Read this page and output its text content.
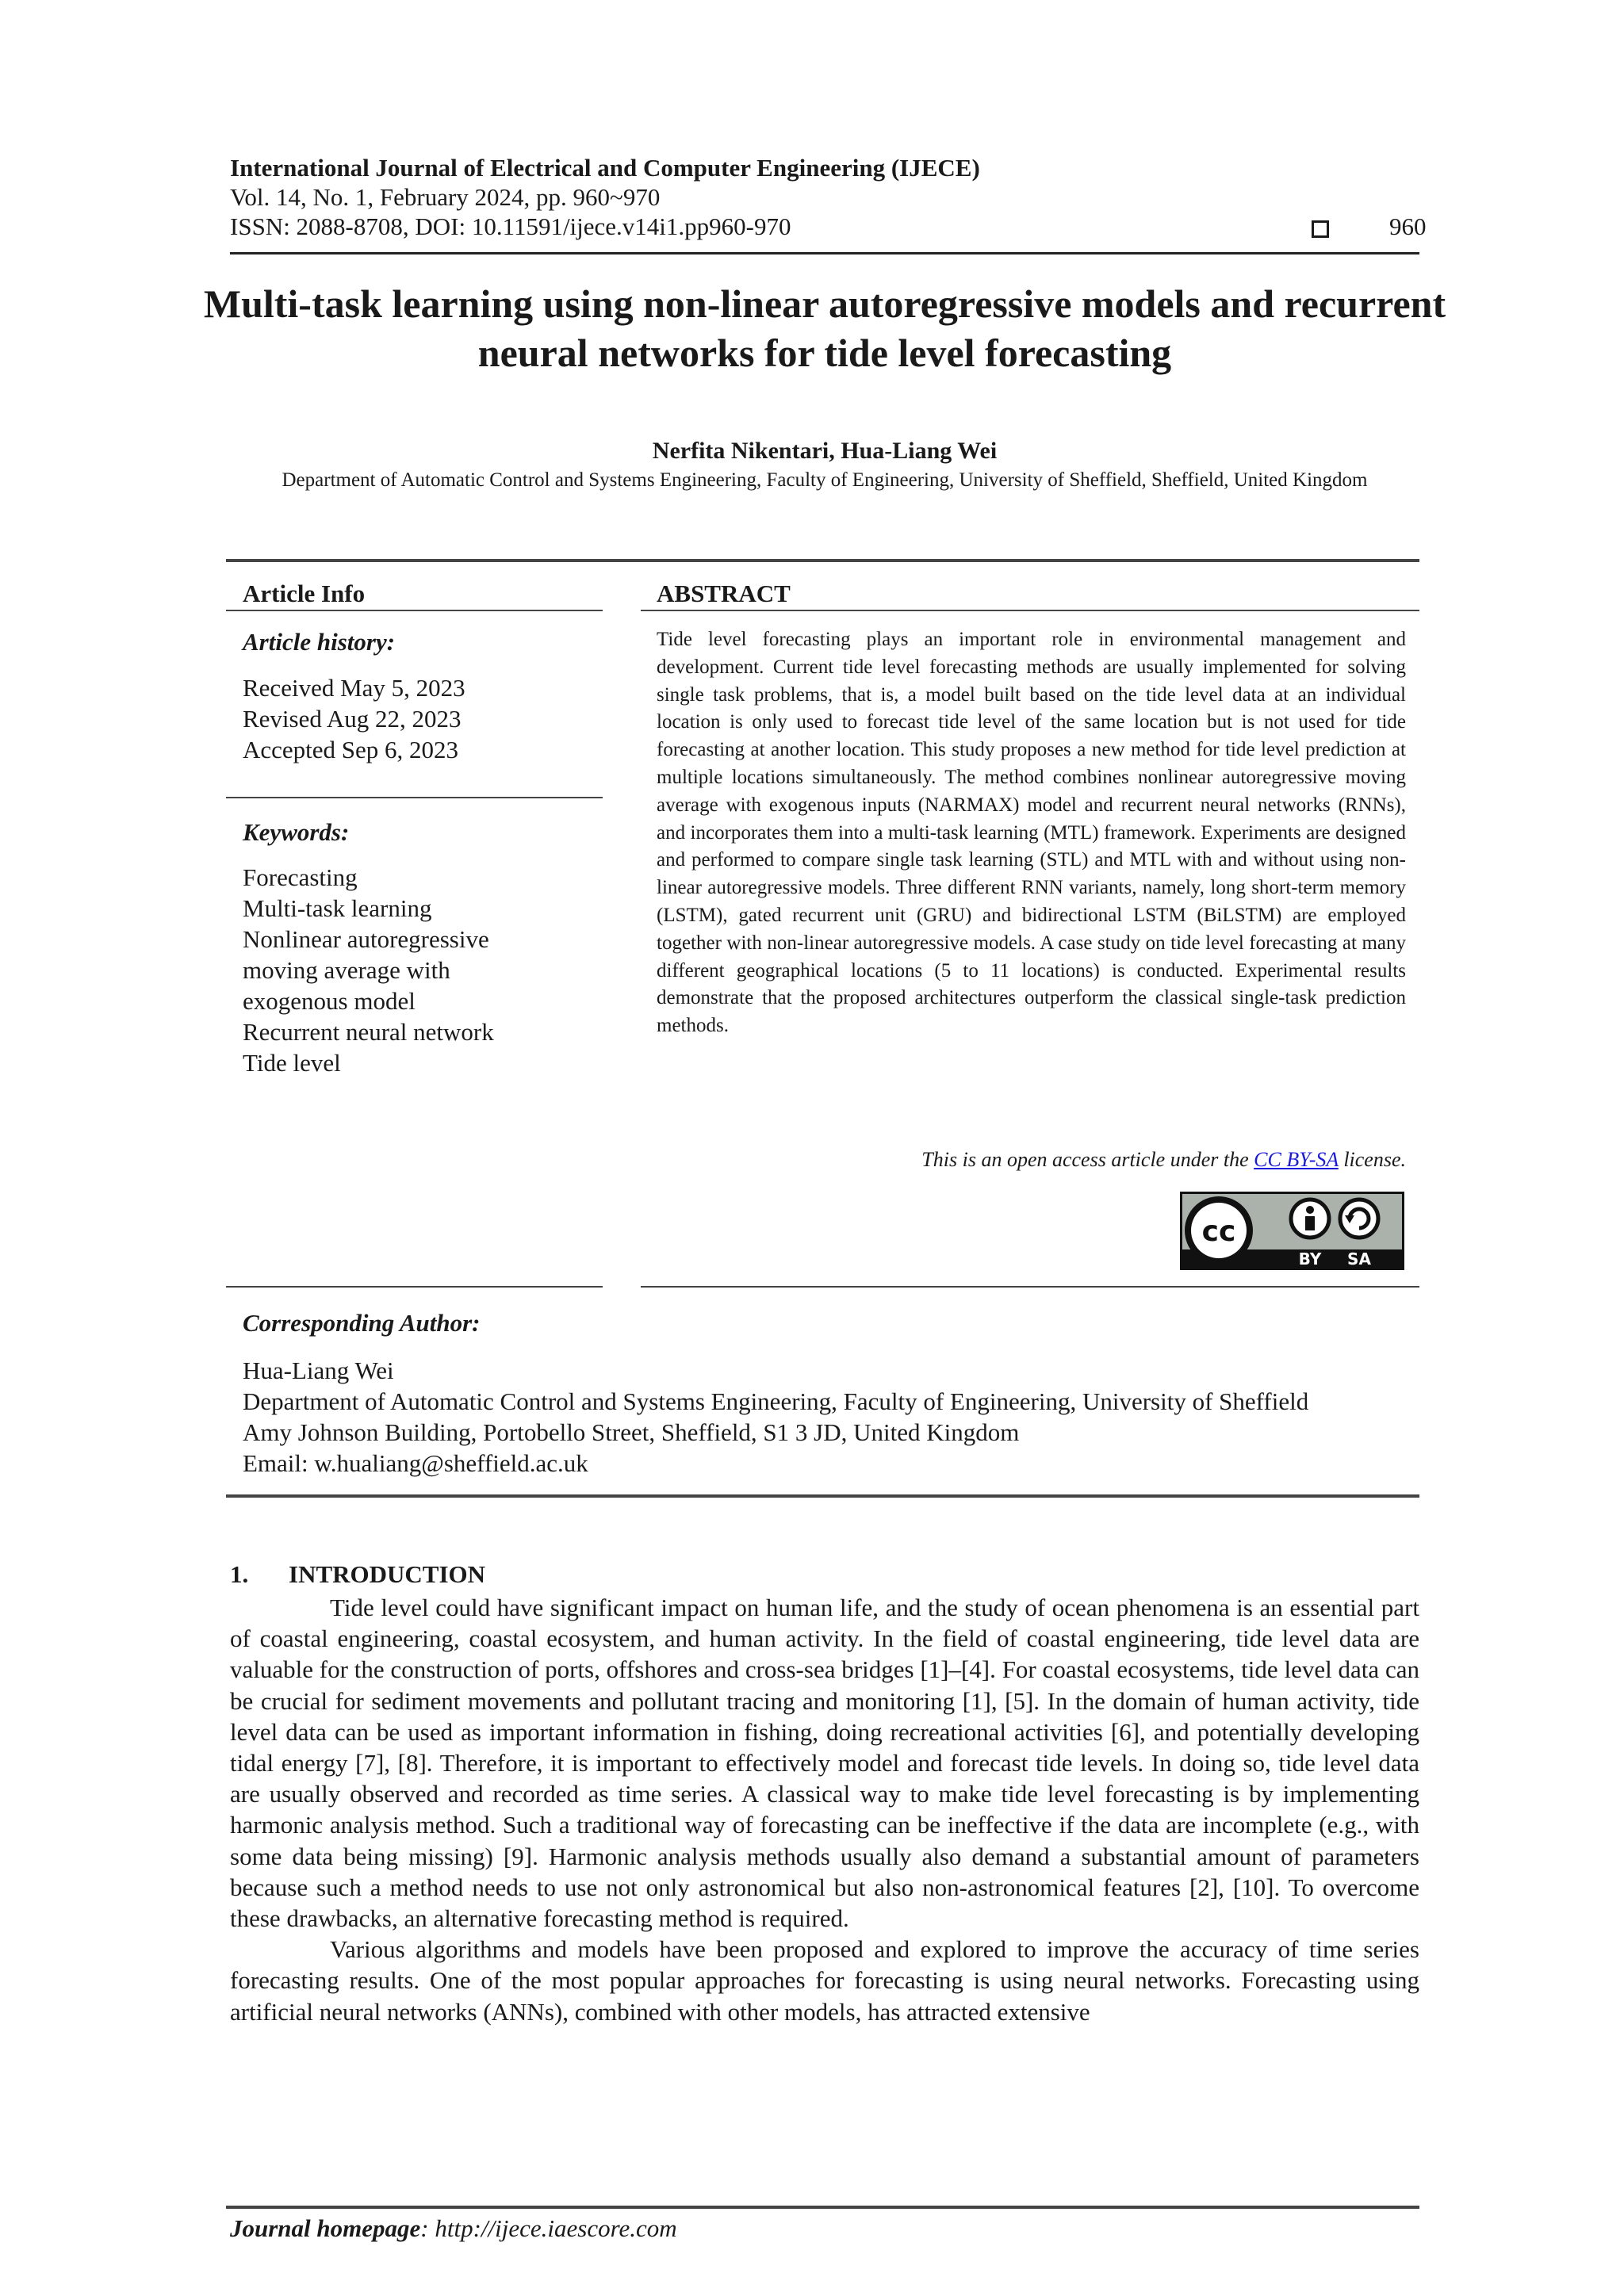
International Journal of Electrical and Computer Engineering (IJECE)
Vol. 14, No. 1, February 2024, pp. 960~970
ISSN: 2088-8708, DOI: 10.11591/ijece.v14i1.pp960-970	960
Multi-task learning using non-linear autoregressive models and recurrent neural networks for tide level forecasting
Nerfita Nikentari, Hua-Liang Wei
Department of Automatic Control and Systems Engineering, Faculty of Engineering, University of Sheffield, Sheffield, United Kingdom
Article Info	ABSTRACT
Article history:
Received May 5, 2023
Revised Aug 22, 2023
Accepted Sep 6, 2023
Keywords:
Forecasting
Multi-task learning
Nonlinear autoregressive
moving average with
exogenous model
Recurrent neural network
Tide level
Tide level forecasting plays an important role in environmental management and development. Current tide level forecasting methods are usually implemented for solving single task problems, that is, a model built based on the tide level data at an individual location is only used to forecast tide level of the same location but is not used for tide forecasting at another location. This study proposes a new method for tide level prediction at multiple locations simultaneously. The method combines nonlinear autoregressive moving average with exogenous inputs (NARMAX) model and recurrent neural networks (RNNs), and incorporates them into a multi-task learning (MTL) framework. Experiments are designed and performed to compare single task learning (STL) and MTL with and without using non-linear autoregressive models. Three different RNN variants, namely, long short-term memory (LSTM), gated recurrent unit (GRU) and bidirectional LSTM (BiLSTM) are employed together with non-linear autoregressive models. A case study on tide level forecasting at many different geographical locations (5 to 11 locations) is conducted. Experimental results demonstrate that the proposed architectures outperform the classical single-task prediction methods.
This is an open access article under the CC BY-SA license.
cc
BY SA
Corresponding Author:
Hua-Liang Wei
Department of Automatic Control and Systems Engineering, Faculty of Engineering, University of Sheffield
Amy Johnson Building, Portobello Street, Sheffield, S1 3 JD, United Kingdom
Email: w.hualiang@sheffield.ac.uk
1. INTRODUCTION

Tide level could have significant impact on human life, and the study of ocean phenomena is an essential part of coastal engineering, coastal ecosystem, and human activity. In the field of coastal engineering, tide level data are valuable for the construction of ports, offshores and cross-sea bridges [1]–[4]. For coastal ecosystems, tide level data can be crucial for sediment movements and pollutant tracing and monitoring [1], [5]. In the domain of human activity, tide level data can be used as important information in fishing, doing recreational activities [6], and potentially developing tidal energy [7], [8]. Therefore, it is important to effectively model and forecast tide levels. In doing so, tide level data are usually observed and recorded as time series. A classical way to make tide level forecasting is by implementing harmonic analysis method. Such a traditional way of forecasting can be ineffective if the data are incomplete (e.g., with some data being missing) [9]. Harmonic analysis methods usually also demand a substantial amount of parameters because such a method needs to use not only astronomical but also non-astronomical features [2], [10]. To overcome these drawbacks, an alternative forecasting method is required.

Various algorithms and models have been proposed and explored to improve the accuracy of time series forecasting results. One of the most popular approaches for forecasting is using neural networks. Forecasting using artificial neural networks (ANNs), combined with other models, has attracted extensive

Journal homepage: http://ijece.iaescore.com
